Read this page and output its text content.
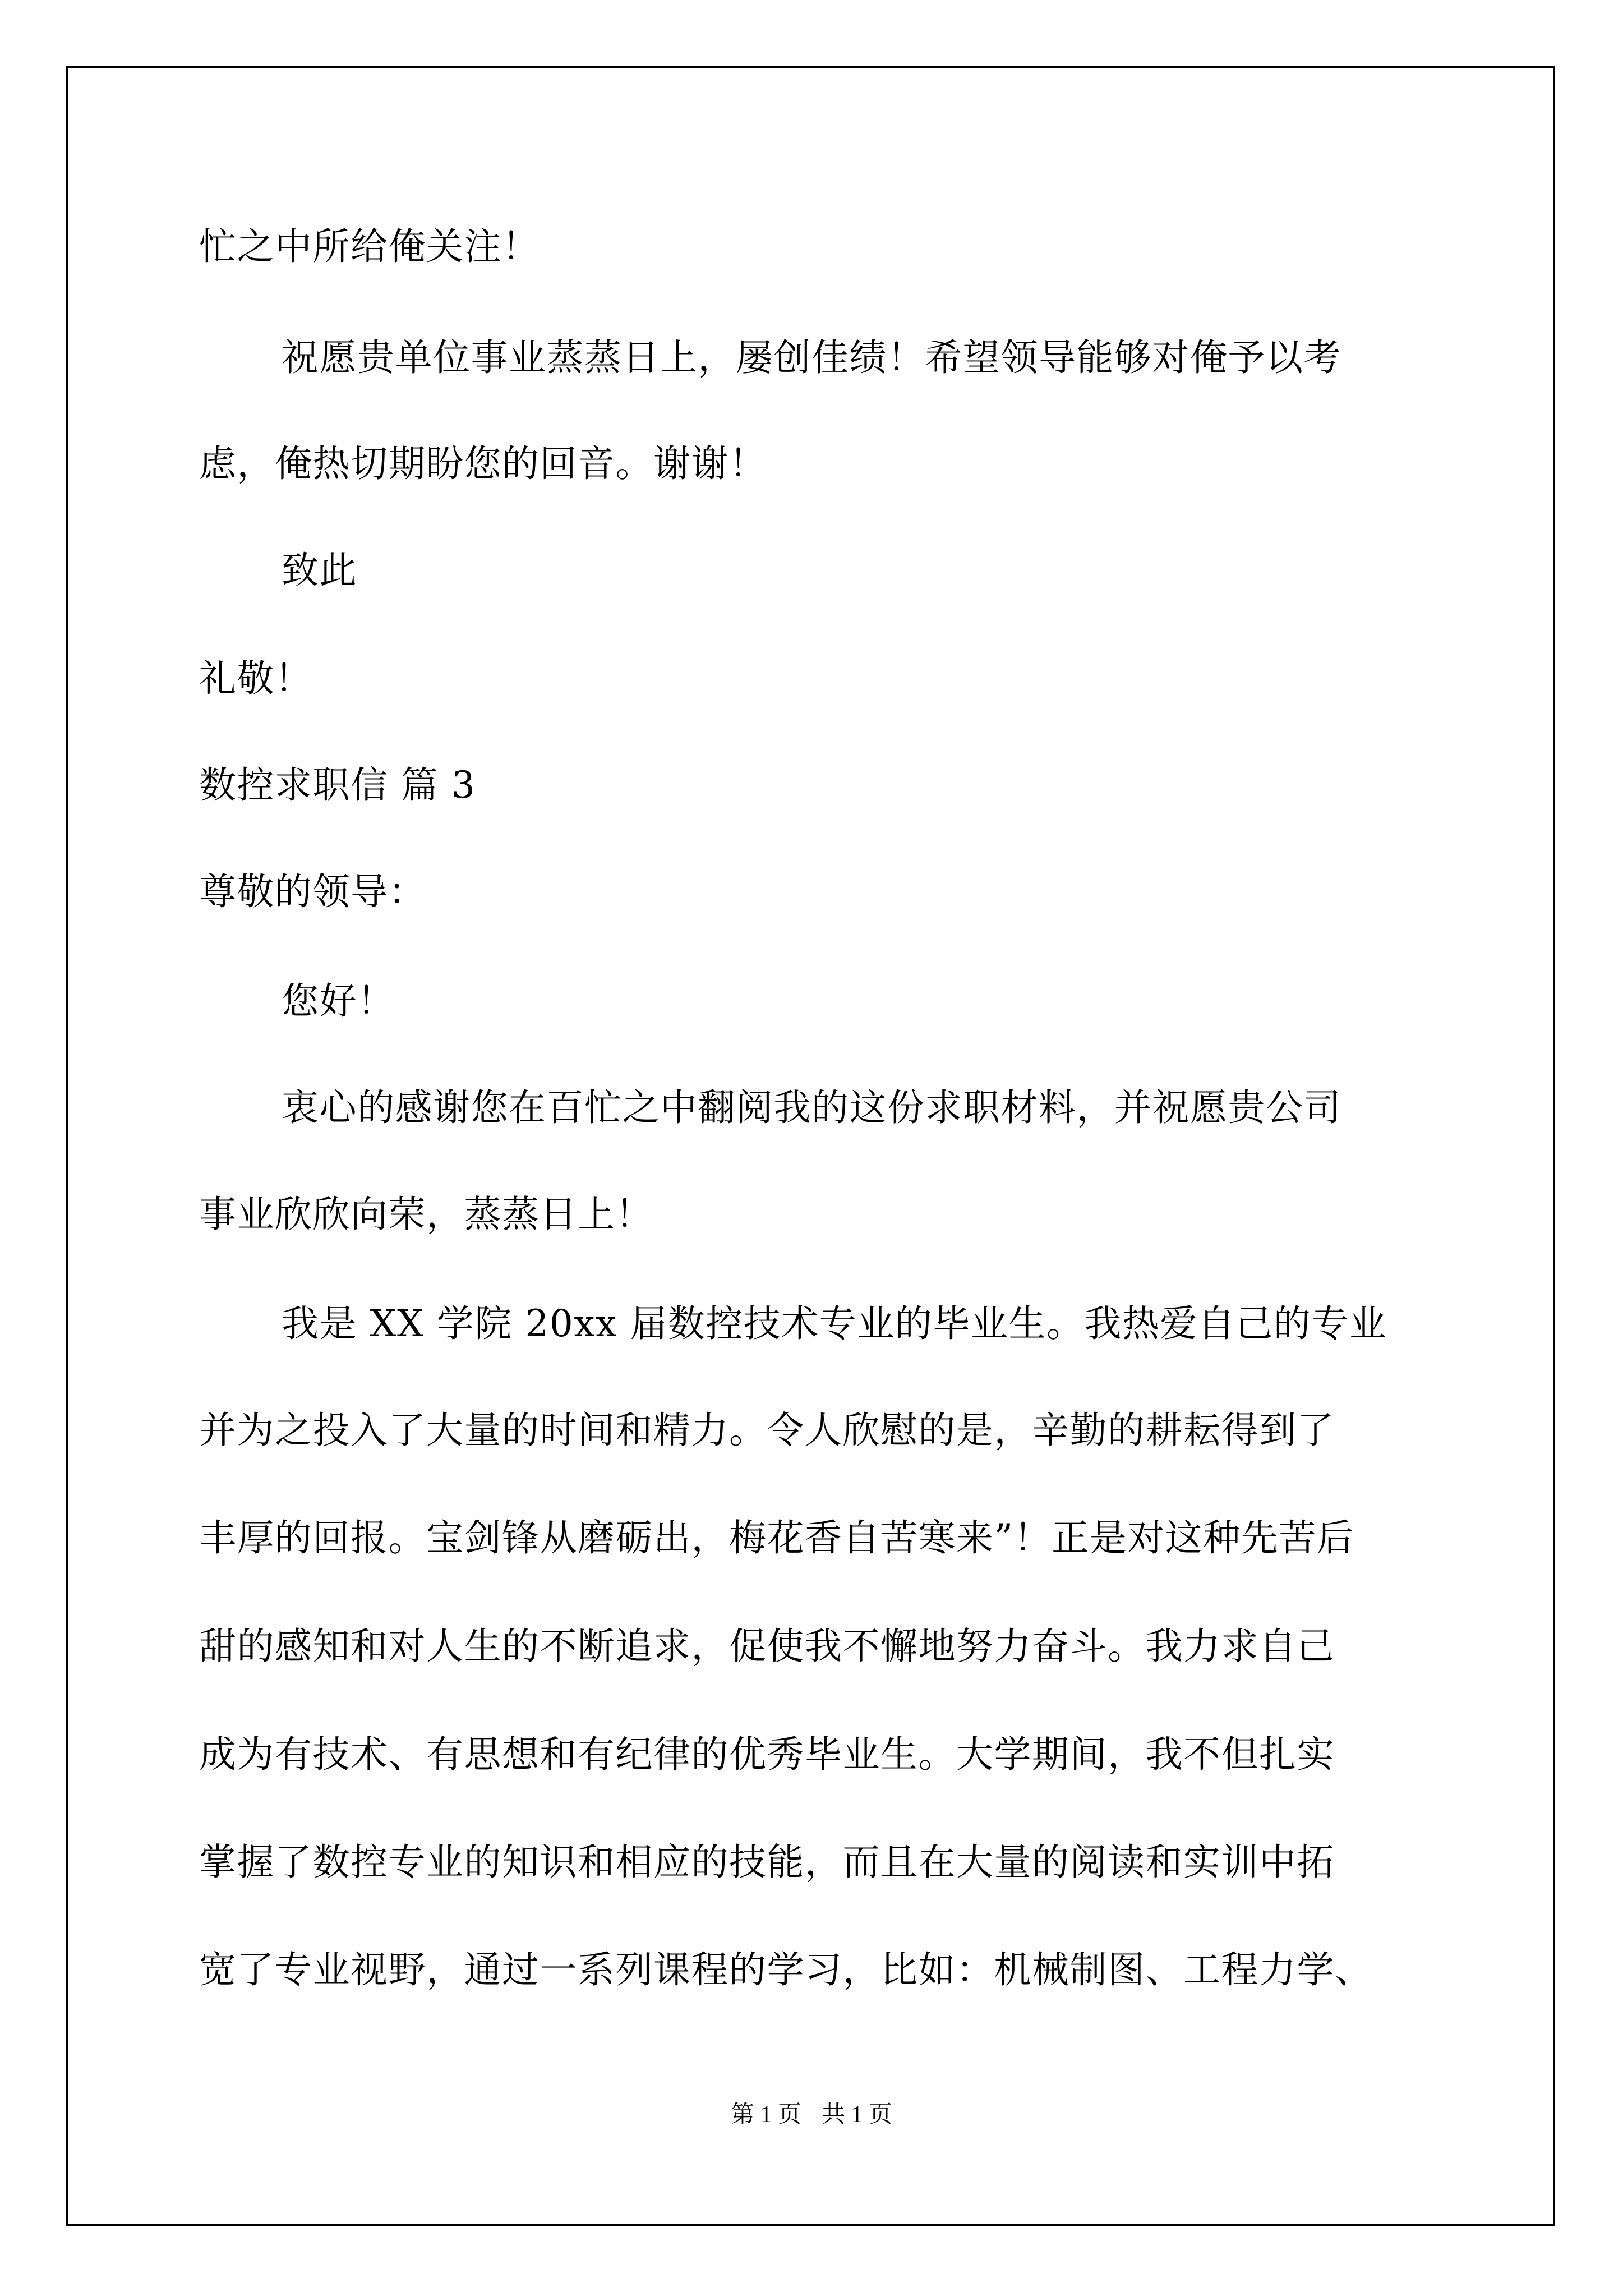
忙之中所给俺关注！

祝愿贵单位事业蒸蒸日上，屡创佳绩！希望领导能够对俺予以考

虑，俺热切期盼您的回音。谢谢！

致此

礼敬！

数控求职信 篇 3

尊敬的领导：

您好！

衷心的感谢您在百忙之中翻阅我的这份求职材料，并祝愿贵公司

事业欣欣向荣，蒸蒸日上！

我是 XX 学院 20xx 届数控技术专业的毕业生。我热爱自己的专业

并为之投入了大量的时间和精力。令人欣慰的是，辛勤的耕耘得到了

丰厚的回报。宝剑锋从磨砺出，梅花香自苦寒来”！正是对这种先苦后

甜的感知和对人生的不断追求，促使我不懈地努力奋斗。我力求自己

成为有技术、有思想和有纪律的优秀毕业生。大学期间，我不但扎实

掌握了数控专业的知识和相应的技能，而且在大量的阅读和实训中拓

宽了专业视野，通过一系列课程的学习，比如：机械制图、工程力学、

第 1 页 共 1 页
